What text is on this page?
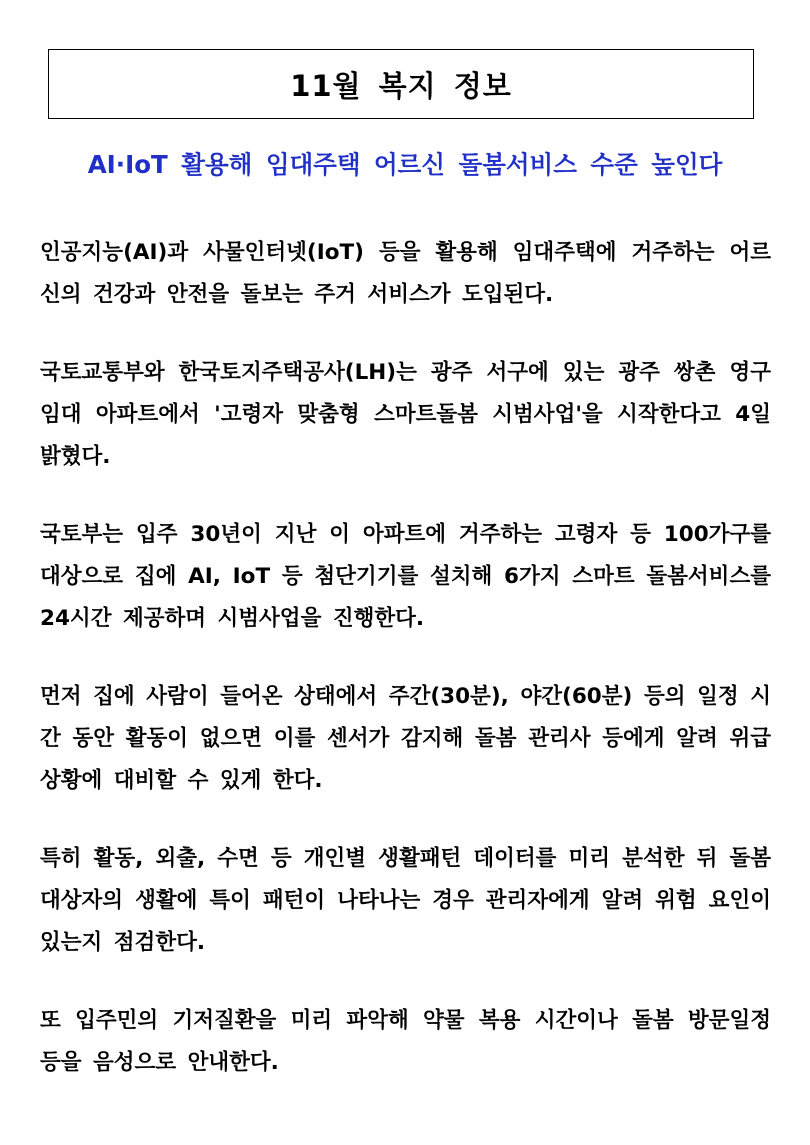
11월 복지 정보
AI·IoT 활용해 임대주택 어르신 돌봄서비스 수준 높인다

인공지능(AI)과 사물인터넷(IoT) 등을 활용해 임대주택에 거주하는 어르신의 건강과 안전을 돌보는 주거 서비스가 도입된다.

국토교통부와 한국토지주택공사(LH)는 광주 서구에 있는 광주 쌍촌 영구임대 아파트에서 '고령자 맞춤형 스마트돌봄 시범사업'을 시작한다고 4일 밝혔다.

국토부는 입주 30년이 지난 이 아파트에 거주하는 고령자 등 100가구를 대상으로 집에 AI, IoT 등 첨단기기를 설치해 6가지 스마트 돌봄서비스를 24시간 제공하며 시범사업을 진행한다.

먼저 집에 사람이 들어온 상태에서 주간(30분), 야간(60분) 등의 일정 시간 동안 활동이 없으면 이를 센서가 감지해 돌봄 관리사 등에게 알려 위급 상황에 대비할 수 있게 한다.

특히 활동, 외출, 수면 등 개인별 생활패턴 데이터를 미리 분석한 뒤 돌봄 대상자의 생활에 특이 패턴이 나타나는 경우 관리자에게 알려 위험 요인이 있는지 점검한다.

또 입주민의 기저질환을 미리 파악해 약물 복용 시간이나 돌봄 방문일정 등을 음성으로 안내한다.
